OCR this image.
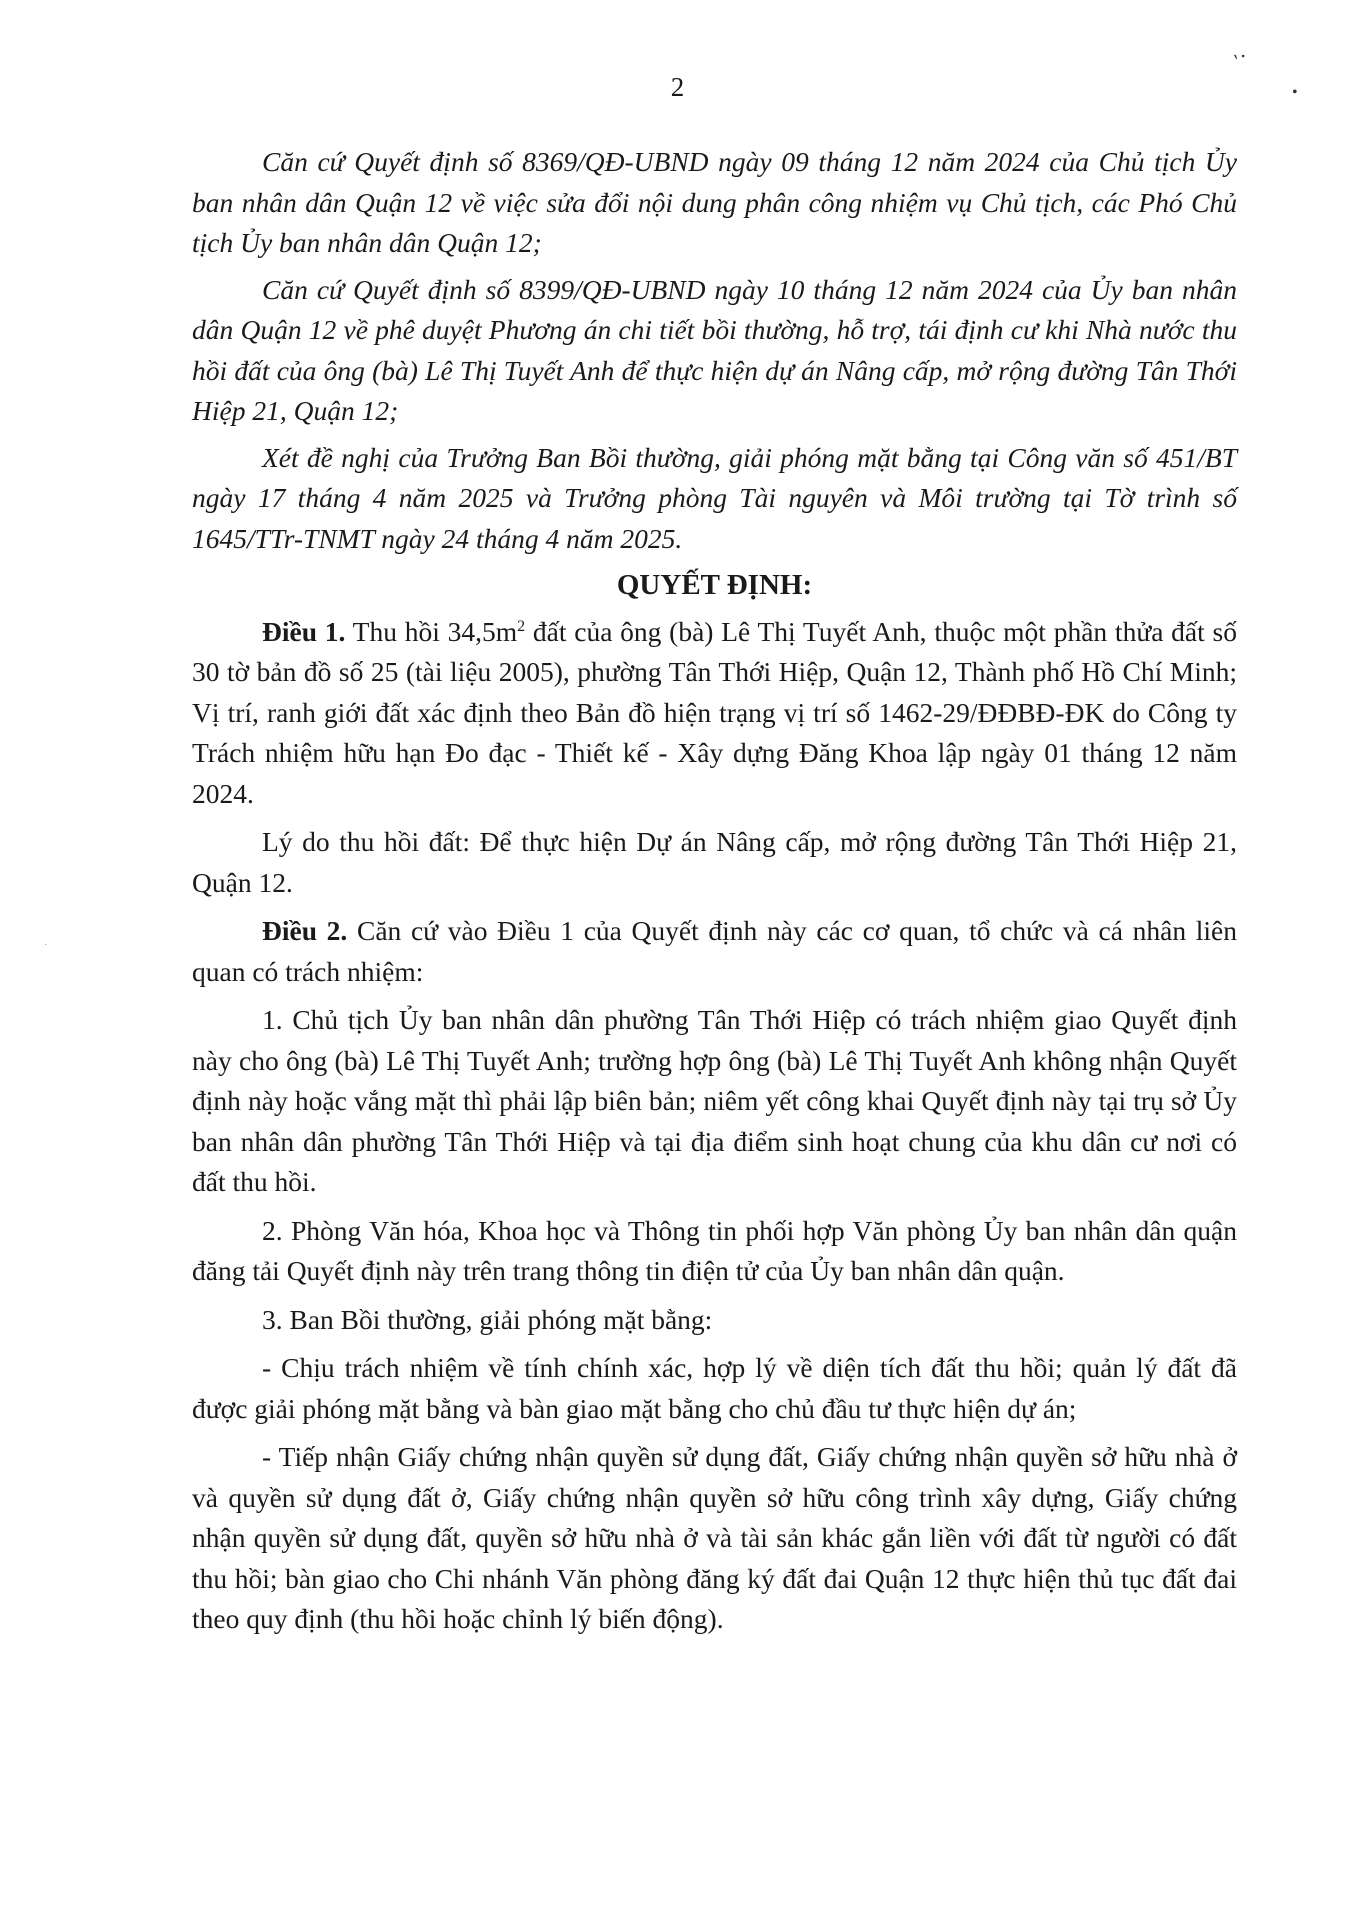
ˎ.
•
·
2

Căn cứ Quyết định số 8369/QĐ-UBND ngày 09 tháng 12 năm 2024 của Chủ tịch Ủy ban nhân dân Quận 12 về việc sửa đổi nội dung phân công nhiệm vụ Chủ tịch, các Phó Chủ tịch Ủy ban nhân dân Quận 12;

Căn cứ Quyết định số 8399/QĐ-UBND ngày 10 tháng 12 năm 2024 của Ủy ban nhân dân Quận 12 về phê duyệt Phương án chi tiết bồi thường, hỗ trợ, tái định cư khi Nhà nước thu hồi đất của ông (bà) Lê Thị Tuyết Anh để thực hiện dự án Nâng cấp, mở rộng đường Tân Thới Hiệp 21, Quận 12;

Xét đề nghị của Trưởng Ban Bồi thường, giải phóng mặt bằng tại Công văn số 451/BT ngày 17 tháng 4 năm 2025 và Trưởng phòng Tài nguyên và Môi trường tại Tờ trình số 1645/TTr-TNMT ngày 24 tháng 4 năm 2025.

QUYẾT ĐỊNH:

Điều 1. Thu hồi $34,5m^2$ đất của ông (bà) Lê Thị Tuyết Anh, thuộc một phần thửa đất số 30 tờ bản đồ số 25 (tài liệu 2005), phường Tân Thới Hiệp, Quận 12, Thành phố Hồ Chí Minh; Vị trí, ranh giới đất xác định theo Bản đồ hiện trạng vị trí số 1462-29/ĐĐBĐ-ĐK do Công ty Trách nhiệm hữu hạn Đo đạc - Thiết kế - Xây dựng Đăng Khoa lập ngày 01 tháng 12 năm 2024.

Lý do thu hồi đất: Để thực hiện Dự án Nâng cấp, mở rộng đường Tân Thới Hiệp 21, Quận 12.

Điều 2. Căn cứ vào Điều 1 của Quyết định này các cơ quan, tổ chức và cá nhân liên quan có trách nhiệm:

1. Chủ tịch Ủy ban nhân dân phường Tân Thới Hiệp có trách nhiệm giao Quyết định này cho ông (bà) Lê Thị Tuyết Anh; trường hợp ông (bà) Lê Thị Tuyết Anh không nhận Quyết định này hoặc vắng mặt thì phải lập biên bản; niêm yết công khai Quyết định này tại trụ sở Ủy ban nhân dân phường Tân Thới Hiệp và tại địa điểm sinh hoạt chung của khu dân cư nơi có đất thu hồi.

2. Phòng Văn hóa, Khoa học và Thông tin phối hợp Văn phòng Ủy ban nhân dân quận đăng tải Quyết định này trên trang thông tin điện tử của Ủy ban nhân dân quận.

3. Ban Bồi thường, giải phóng mặt bằng:

- Chịu trách nhiệm về tính chính xác, hợp lý về diện tích đất thu hồi; quản lý đất đã được giải phóng mặt bằng và bàn giao mặt bằng cho chủ đầu tư thực hiện dự án;

- Tiếp nhận Giấy chứng nhận quyền sử dụng đất, Giấy chứng nhận quyền sở hữu nhà ở và quyền sử dụng đất ở, Giấy chứng nhận quyền sở hữu công trình xây dựng, Giấy chứng nhận quyền sử dụng đất, quyền sở hữu nhà ở và tài sản khác gắn liền với đất từ người có đất thu hồi; bàn giao cho Chi nhánh Văn phòng đăng ký đất đai Quận 12 thực hiện thủ tục đất đai theo quy định (thu hồi hoặc chỉnh lý biến động).
